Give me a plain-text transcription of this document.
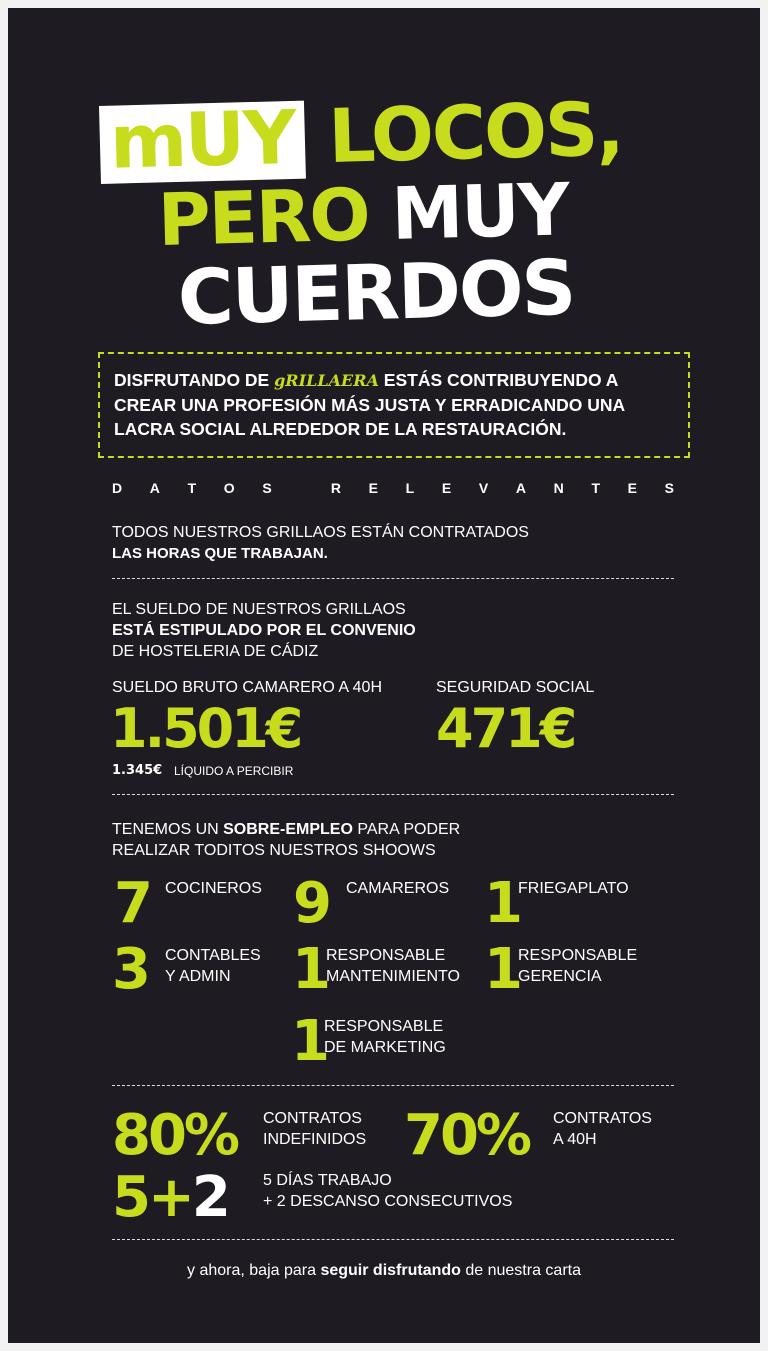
mUY LOCOS,
PERO MUY
CUERDOS
DISFRUTANDO DE gRILLAERA ESTÁS CONTRIBUYENDO A
CREAR UNA PROFESIÓN MÁS JUSTA Y ERRADICANDO UNA
LACRA SOCIAL ALREDEDOR DE LA RESTAURACIÓN.
D A T O S
	R E L E V A N T E S
TODOS NUESTROS GRILLAOS ESTÁN CONTRATADOS
LAS HORAS QUE TRABAJAN.
EL SUELDO DE NUESTROS GRILLAOS
ESTÁ ESTIPULADO POR EL CONVENIO
DE HOSTELERIA DE CÁDIZ
SUELDO BRUTO CAMARERO A 40H
1.501€
1.345€ LÍQUIDO A PERCIBIR
SEGURIDAD SOCIAL
471€
TENEMOS UN SOBRE-EMPLEO PARA PODER
REALIZAR TODITOS NUESTROS SHOOWS
7 COCINEROS 9 CAMAREROS 1
FRIEGAPLATO
3 CONTABLES
Y ADMIN 1
RESPONSABLE
MANTENIMIENTO 1
RESPONSABLE
GERENCIA
1
RESPONSABLE
DE MARKETING
80% CONTRATOS
INDEFINIDOS 70% CONTRATOS
A 40H
5+2 5 DÍAS TRABAJO
+ 2 DESCANSO CONSECUTIVOS
y ahora, baja para seguir disfrutando de nuestra carta
